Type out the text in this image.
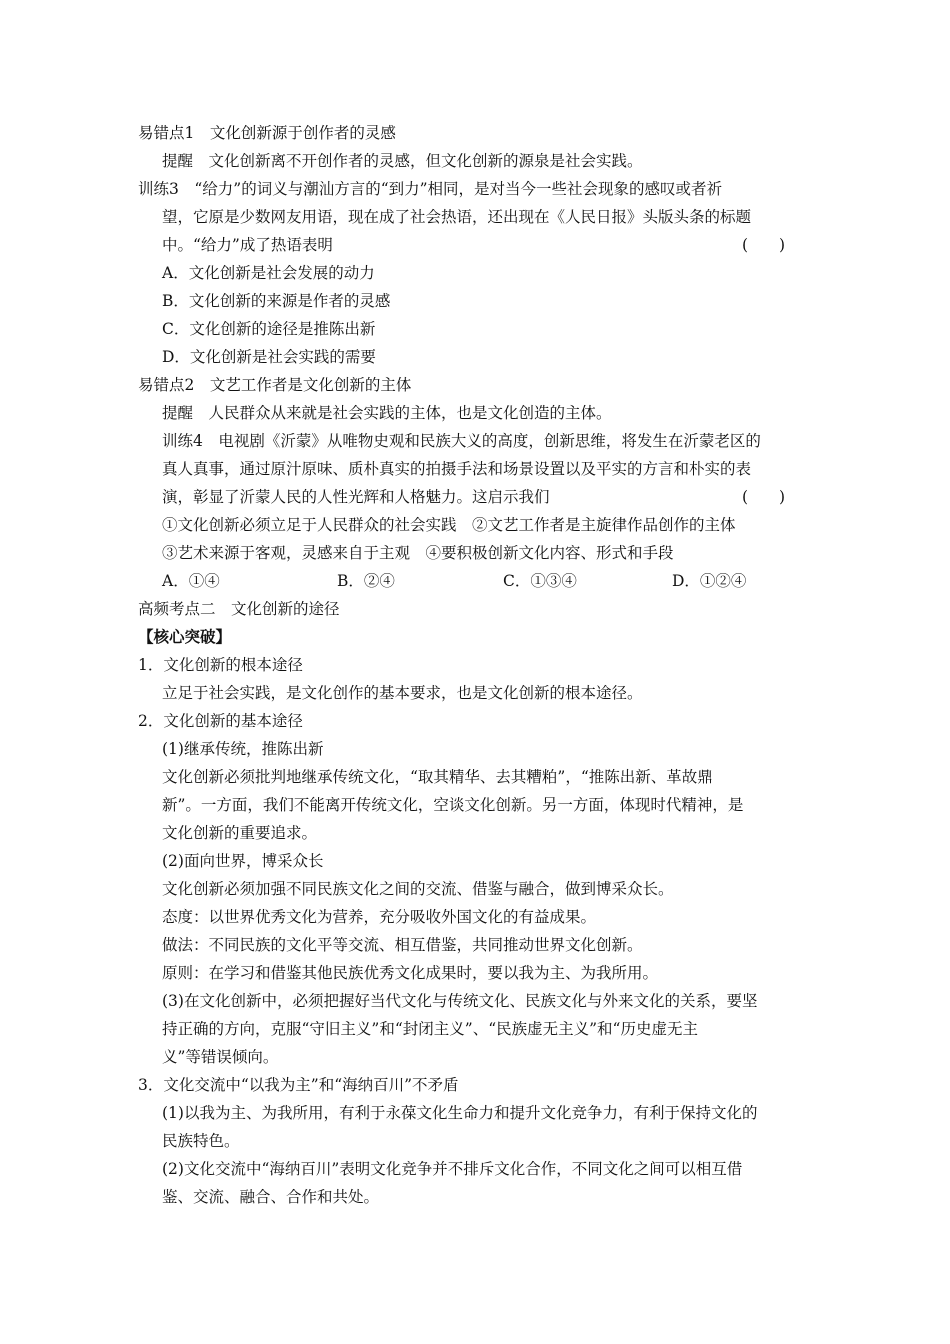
易错点1　文化创新源于创作者的灵感
提醒　文化创新离不开创作者的灵感，但文化创新的源泉是社会实践。
训练3　“给力”的词义与潮汕方言的“到力”相同，是对当今一些社会现象的感叹或者祈
望，它原是少数网友用语，现在成了社会热语，还出现在《人民日报》头版头条的标题
中。“给力”成了热语表明	(　　)
A．文化创新是社会发展的动力
B．文化创新的来源是作者的灵感
C．文化创新的途径是推陈出新
D．文化创新是社会实践的需要
易错点2　文艺工作者是文化创新的主体
提醒　人民群众从来就是社会实践的主体，也是文化创造的主体。
训练4　电视剧《沂蒙》从唯物史观和民族大义的高度，创新思维，将发生在沂蒙老区的
真人真事，通过原汁原味、质朴真实的拍摄手法和场景设置以及平实的方言和朴实的表
演，彰显了沂蒙人民的人性光辉和人格魅力。这启示我们	(　　)
①文化创新必须立足于人民群众的社会实践　②文艺工作者是主旋律作品创作的主体
③艺术来源于客观，灵感来自于主观　④要积极创新文化内容、形式和手段
A．①④	B．②④	C．①③④	D．①②④
高频考点二　文化创新的途径
【核心突破】
1．文化创新的根本途径
立足于社会实践，是文化创作的基本要求，也是文化创新的根本途径。
2．文化创新的基本途径
(1)继承传统，推陈出新
文化创新必须批判地继承传统文化，“取其精华、去其糟粕”，“推陈出新、革故鼎
新”。一方面，我们不能离开传统文化，空谈文化创新。另一方面，体现时代精神，是
文化创新的重要追求。
(2)面向世界，博采众长
文化创新必须加强不同民族文化之间的交流、借鉴与融合，做到博采众长。
态度：以世界优秀文化为营养，充分吸收外国文化的有益成果。
做法：不同民族的文化平等交流、相互借鉴，共同推动世界文化创新。
原则：在学习和借鉴其他民族优秀文化成果时，要以我为主、为我所用。
(3)在文化创新中，必须把握好当代文化与传统文化、民族文化与外来文化的关系，要坚
持正确的方向，克服“守旧主义”和“封闭主义”、“民族虚无主义”和“历史虚无主
义”等错误倾向。
3．文化交流中“以我为主”和“海纳百川”不矛盾
(1)以我为主、为我所用，有利于永葆文化生命力和提升文化竞争力，有利于保持文化的
民族特色。
(2)文化交流中“海纳百川”表明文化竞争并不排斥文化合作，不同文化之间可以相互借
鉴、交流、融合、合作和共处。
